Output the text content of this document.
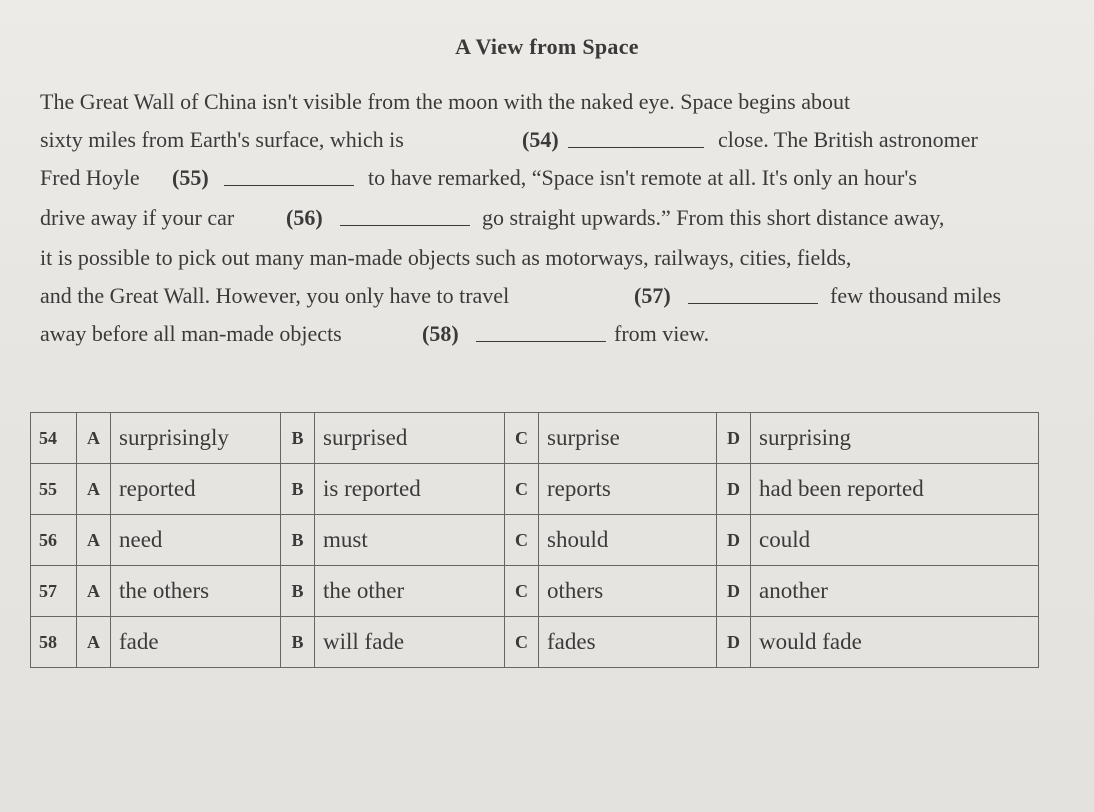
A View from Space
The Great Wall of China isn't visible from the moon with the naked eye. Space begins about
sixty miles from Earth's surface, which is	(54)	close. The British astronomer
Fred Hoyle (55)	to have remarked, “Space isn't remote at all. It's only an hour's
drive away if your car (56)	go straight upwards.” From this short distance away,
it is possible to pick out many man-made objects such as motorways, railways, cities, fields,
and the Great Wall. However, you only have to travel	(57)	few thousand miles
away before all man-made objects	(58)	from view.
54	A	surprisingly	B	surprised	C	surprise	D	surprising
55	A	reported	B	is reported	C	reports	D	had been reported
56	A	need	B	must	C	should	D	could
57	A	the others	B	the other	C	others	D	another
58	A	fade	B	will fade	C	fades	D	would fade
